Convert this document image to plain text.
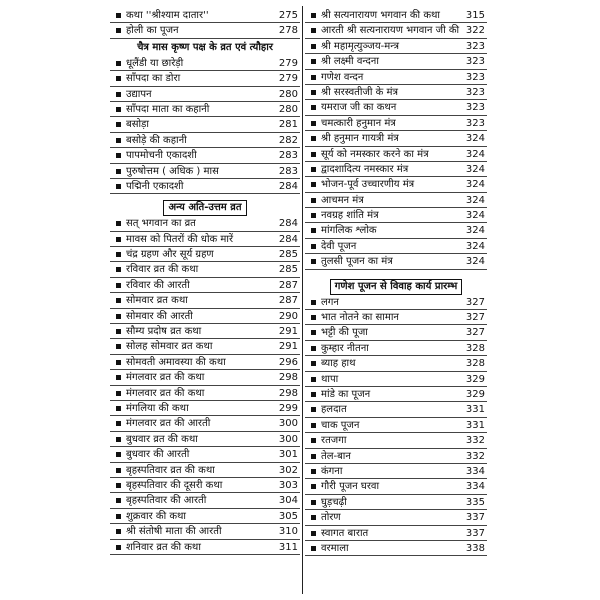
कथा ''श्रीश्याम दातार''	275
होली का पूजन	278
चैत्र मास कृष्ण पक्ष के व्रत एवं त्यौहार
धूलैंडी या छारेड़ी	279
सॉंपदा का डोरा	279
उद्यापन	280
सॉंपदा माता का कहानी	280
बसोड़ा	281
बसोड़े की कहानी	282
पापमोचनी एकादशी	283
पुरुषोत्तम ( अधिक ) मास	283
पद्मिनी एकादशी	284
अन्य अति-उत्तम व्रत
सत् भगवान का व्रत	284
मावस को पितरों की धोक मारें	284
चंद्र ग्रहण और सूर्य ग्रहण	285
रविवार व्रत की कथा	285
रविवार की आरती	287
सोमवार व्रत कथा	287
सोमवार की आरती	290
सौम्य प्रदोष व्रत कथा	291
सोलह सोमवार व्रत कथा	291
सोमवती अमावस्या की कथा	296
मंगलवार व्रत की कथा	298
मंगलवार व्रत की कथा	298
मंगलिया की कथा	299
मंगलवार व्रत की आरती	300
बुधवार व्रत की कथा	300
बुधवार की आरती	301
बृहस्पतिवार व्रत की कथा	302
बृहस्पतिवार की दूसरी कथा	303
बृहस्पतिवार की आरती	304
शुक्रवार की कथा	305
श्री संतोषी माता की आरती	310
शनिवार व्रत की कथा	311
श्री सत्यनारायण भगवान की कथा	315
आरती श्री सत्यनारायण भगवान जी की 322
श्री महामृत्युञ्जय-मन्त्र	323
श्री लक्ष्मी वन्दना	323
गणेश वन्दन	323
श्री सरस्वतीजी के मंत्र	323
यमराज जी का कथन	323
चमत्कारी हनुमान मंत्र	323
श्री हनुमान गायत्री मंत्र	324
सूर्य को नमस्कार करने का मंत्र	324
द्वादशादित्य नमस्कार मंत्र	324
भोजन-पूर्व उच्चारणीय मंत्र	324
आचमन मंत्र	324
नवग्रह शांति मंत्र	324
मांगलिक श्लोक	324
देवी पूजन	324
तुलसी पूजन का मंत्र	324
गणेश पूजन से विवाह कार्य प्रारम्भ
लगन	327
भात नोतने का सामान	327
भट्टी की पूजा	327
कुम्हार नीतना	328
ब्याह हाथ	328
थापा	329
मांडे का पूजन	329
हलदात	331
चाक पूजन	331
रतजगा	332
तेल-बान	332
कंगना	334
गौरी पूजन घरवा	334
घुड़चढ़ी	335
तोरण	337
स्वागत बारात	337
वरमाला	338
